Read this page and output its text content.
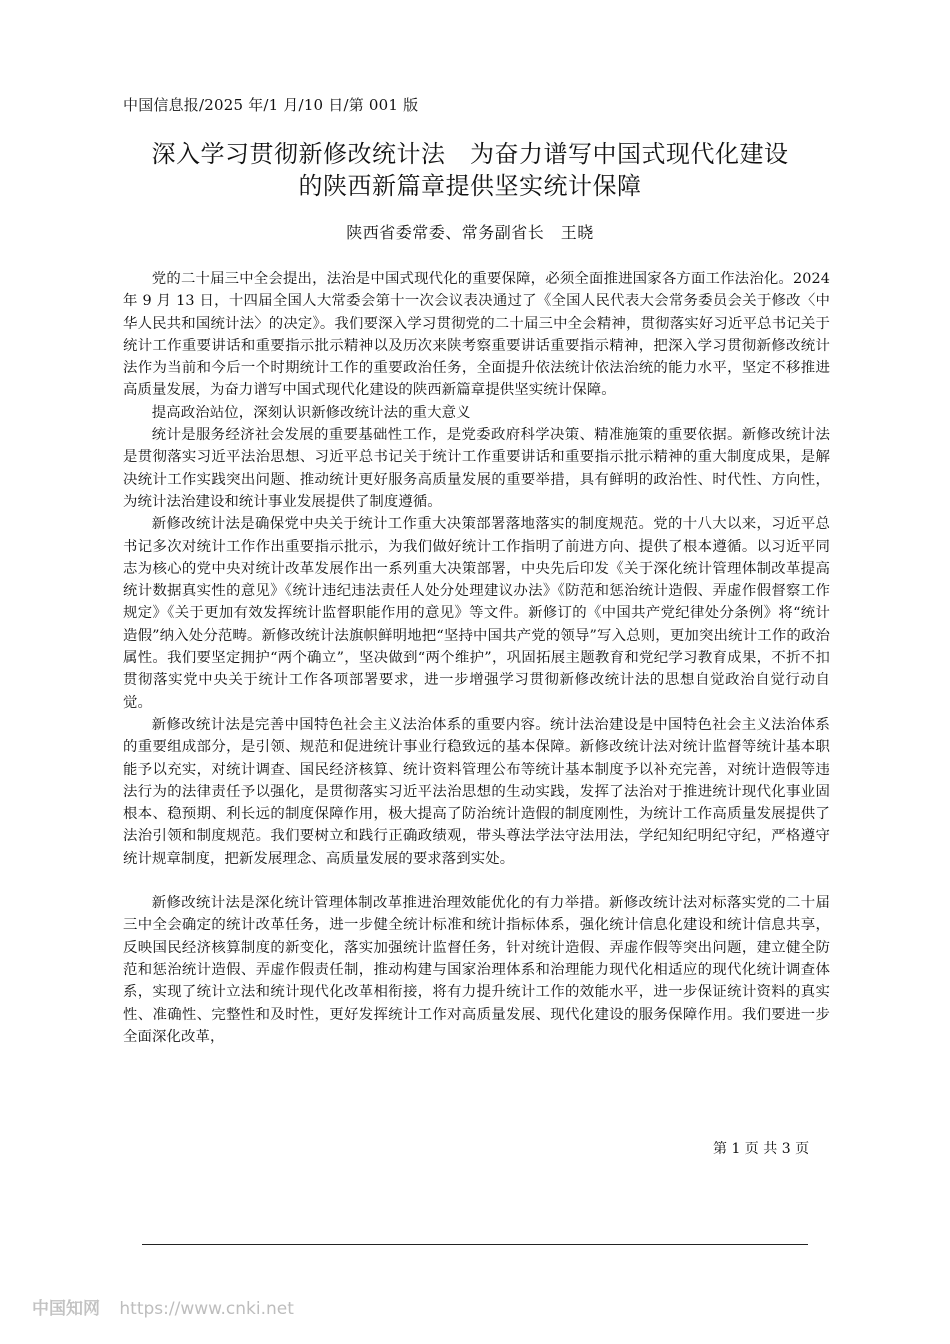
中国信息报/2025 年/1 月/10 日/第 001 版
深入学习贯彻新修改统计法　为奋力谱写中国式现代化建设
的陕西新篇章提供坚实统计保障
陕西省委常委、常务副省长　王晓

党的二十届三中全会提出，法治是中国式现代化的重要保障，必须全面推进国家各方面工作法治化。2024 年 9 月 13 日，十四届全国人大常委会第十一次会议表决通过了《全国人民代表大会常务委员会关于修改〈中华人民共和国统计法〉的决定》。我们要深入学习贯彻党的二十届三中全会精神，贯彻落实好习近平总书记关于统计工作重要讲话和重要指示批示精神以及历次来陕考察重要讲话重要指示精神，把深入学习贯彻新修改统计法作为当前和今后一个时期统计工作的重要政治任务，全面提升依法统计依法治统的能力水平，坚定不移推进高质量发展，为奋力谱写中国式现代化建设的陕西新篇章提供坚实统计保障。

提高政治站位，深刻认识新修改统计法的重大意义

统计是服务经济社会发展的重要基础性工作，是党委政府科学决策、精准施策的重要依据。新修改统计法是贯彻落实习近平法治思想、习近平总书记关于统计工作重要讲话和重要指示批示精神的重大制度成果，是解决统计工作实践突出问题、推动统计更好服务高质量发展的重要举措，具有鲜明的政治性、时代性、方向性，为统计法治建设和统计事业发展提供了制度遵循。

新修改统计法是确保党中央关于统计工作重大决策部署落地落实的制度规范。党的十八大以来，习近平总书记多次对统计工作作出重要指示批示，为我们做好统计工作指明了前进方向、提供了根本遵循。以习近平同志为核心的党中央对统计改革发展作出一系列重大决策部署，中央先后印发《关于深化统计管理体制改革提高统计数据真实性的意见》《统计违纪违法责任人处分处理建议办法》《防范和惩治统计造假、弄虚作假督察工作规定》《关于更加有效发挥统计监督职能作用的意见》等文件。新修订的《中国共产党纪律处分条例》将“统计造假”纳入处分范畴。新修改统计法旗帜鲜明地把“坚持中国共产党的领导”写入总则，更加突出统计工作的政治属性。我们要坚定拥护“两个确立”，坚决做到“两个维护”，巩固拓展主题教育和党纪学习教育成果，不折不扣贯彻落实党中央关于统计工作各项部署要求，进一步增强学习贯彻新修改统计法的思想自觉政治自觉行动自觉。

新修改统计法是完善中国特色社会主义法治体系的重要内容。统计法治建设是中国特色社会主义法治体系的重要组成部分，是引领、规范和促进统计事业行稳致远的基本保障。新修改统计法对统计监督等统计基本职能予以充实，对统计调查、国民经济核算、统计资料管理公布等统计基本制度予以补充完善，对统计造假等违法行为的法律责任予以强化，是贯彻落实习近平法治思想的生动实践，发挥了法治对于推进统计现代化事业固根本、稳预期、利长远的制度保障作用，极大提高了防治统计造假的制度刚性，为统计工作高质量发展提供了法治引领和制度规范。我们要树立和践行正确政绩观，带头尊法学法守法用法，学纪知纪明纪守纪，严格遵守统计规章制度，把新发展理念、高质量发展的要求落到实处。

新修改统计法是深化统计管理体制改革推进治理效能优化的有力举措。新修改统计法对标落实党的二十届三中全会确定的统计改革任务，进一步健全统计标准和统计指标体系，强化统计信息化建设和统计信息共享，反映国民经济核算制度的新变化，落实加强统计监督任务，针对统计造假、弄虚作假等突出问题，建立健全防范和惩治统计造假、弄虚作假责任制，推动构建与国家治理体系和治理能力现代化相适应的现代化统计调查体系，实现了统计立法和统计现代化改革相衔接，将有力提升统计工作的效能水平，进一步保证统计资料的真实性、准确性、完整性和及时性，更好发挥统计工作对高质量发展、现代化建设的服务保障作用。我们要进一步全面深化改革，

第 1 页 共 3 页
中国知网 https://www.cnki.net
